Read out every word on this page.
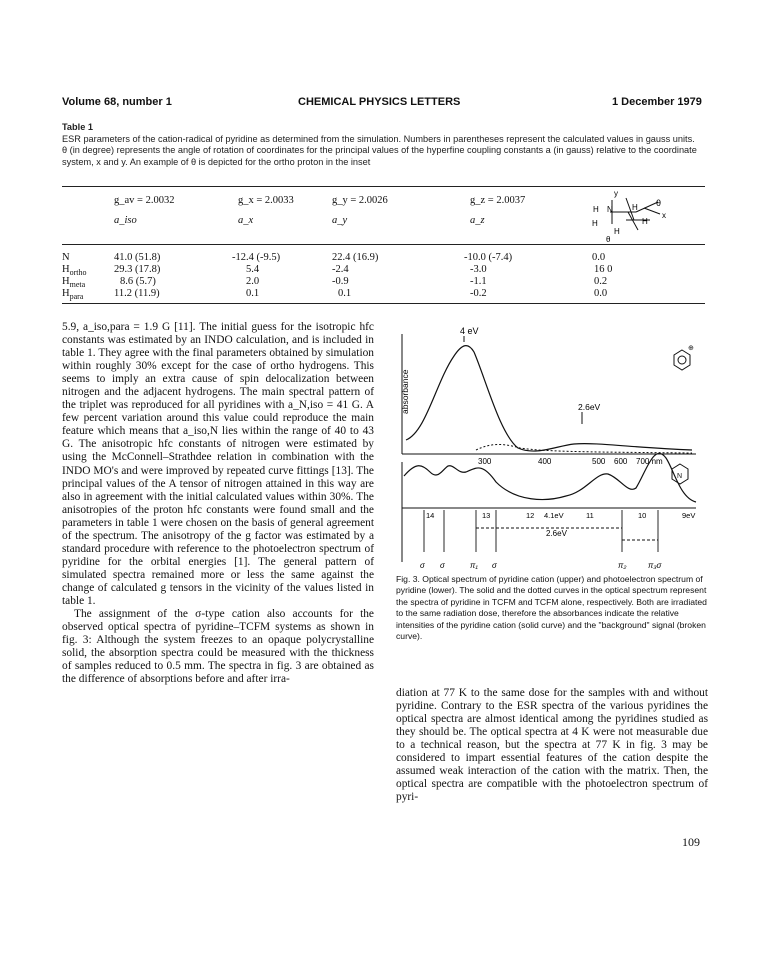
Volume 68, number 1	CHEMICAL PHYSICS LETTERS	1 December 1979
Table 1
ESR parameters of the cation-radical of pyridine as determined from the simulation. Numbers in parentheses represent the calculated values in gauss units. θ (in degree) represents the angle of rotation of coordinates for the principal values of the hyperfine coupling constants a (in gauss) relative to the coordinate system, x and y. An example of θ is depicted for the ortho proton in the inset
g_av = 2.0032	g_x = 2.0033	g_y = 2.0026	g_z = 2.0037
a_iso	a_x	a_y	a_z
y
H N H θ
x
H
H
H
θ
N	41.0 (51.8)	-12.4 (-9.5)	22.4 (16.9)	-10.0 (-7.4)	0.0
$H_{ortho}$	29.3 (17.8)	5.4	-2.4	-3.0	16 0
$H_{meta}$	8.6 (5.7)	2.0	-0.9	-1.1	0.2
$H_{para}$	11.2 (11.9)	0.1	0.1	-0.2	0.0

5.9, a_iso,para = 1.9 G [11]. The initial guess for the isotropic hfc constants was estimated by an INDO calculation, and is included in table 1. They agree with the final parameters obtained by simulation within roughly 30% except for the case of ortho hydrogens. This seems to imply an extra cause of spin delocalization between nitrogen and the adjacent hydrogens. The main spectral pattern of the triplet was reproduced for all pyridines with a_N,iso = 41 G. A few percent variation around this value could reproduce the main feature which means that a_iso,N lies within the range of 40 to 43 G. The anisotropic hfc constants of nitrogen were estimated by using the McConnell–Strathdee relation in combination with the INDO MO's and were improved by repeated curve fittings [13]. The principal values of the A tensor of nitrogen attained in this way are also in agreement with the initial calculated values within 30%. The anisotropies of the proton hfc constants were found small and the parameters in table 1 were chosen on the basis of general agreement of the spectrum. The anisotropy of the g factor was estimated by a standard procedure with reference to the photoelectron spectrum of pyridine for the orbital energies [1]. The general pattern of simulated spectra remained more or less the same against the change of calculated g tensors in the vicinity of the values listed in table 1.

The assignment of the σ-type cation also accounts for the observed optical spectra of pyridine–TCFM systems as shown in fig. 3: Although the system freezes to an opaque polycrystalline solid, the absorption spectra could be measured with the thickness of samples reduced to 0.5 mm. The spectra in fig. 3 are obtained as the difference of absorptions before and after irra-

4 eV
absorbance	2.6eV
300	400	500 600 700 nm
⊕
14	13	12 4.1eV	11	10	9eV
2.6eV
σ σ	π₁ σ	π₂	π₃σ
N
Fig. 3. Optical spectrum of pyridine cation (upper) and photoelectron spectrum of pyridine (lower). The solid and the dotted curves in the optical spectrum represent the spectra of pyridine in TCFM and TCFM alone, respectively. Both are irradiated to the same radiation dose, therefore the absorbances indicate the relative intensities of the pyridine cation (solid curve) and the "background" signal (broken curve).

diation at 77 K to the same dose for the samples with and without pyridine. Contrary to the ESR spectra of the various pyridines the optical spectra are almost identical among the pyridines studied as they should be. The optical spectra at 4 K were not measurable due to a technical reason, but the spectra at 77 K in fig. 3 may be considered to impart essential features of the cation despite the assumed weak interaction of the cation with the matrix. Then, the optical spectra are compatible with the photoelectron spectrum of pyri-

109
